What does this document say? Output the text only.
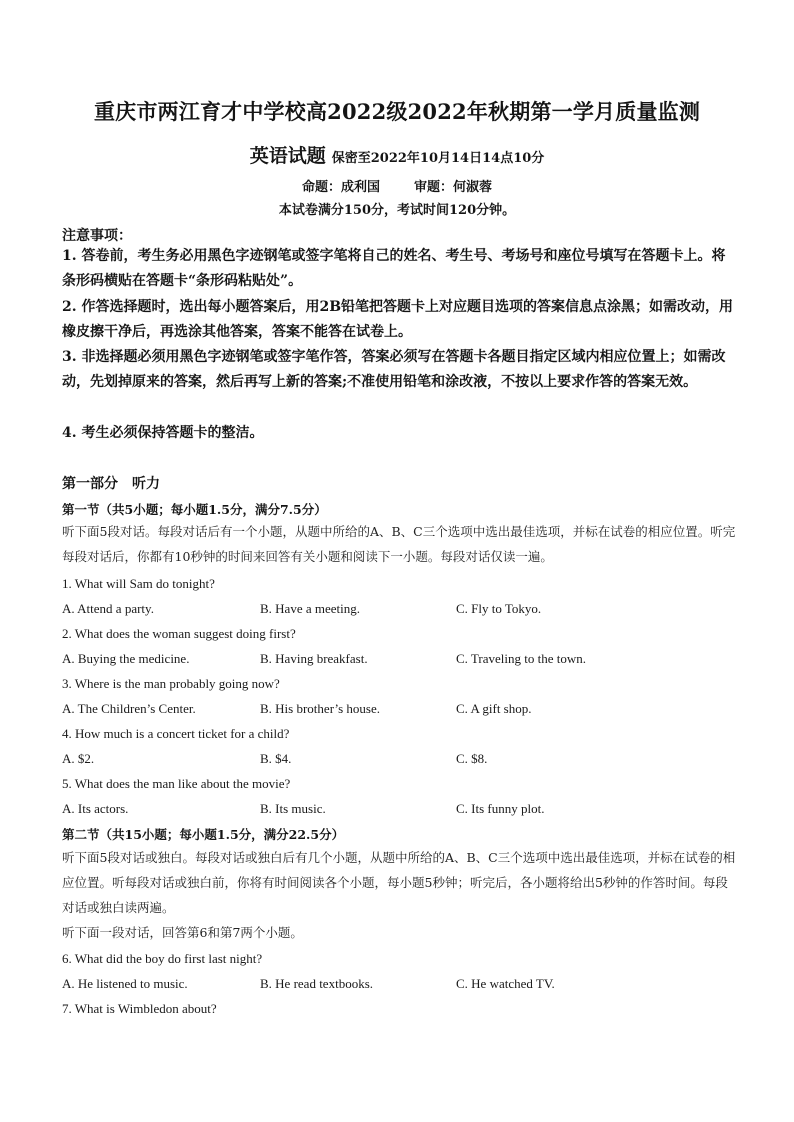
重庆市两江育才中学校高2022级2022年秋期第一学月质量监测
英语试题 保密至2022年10月14日14点10分
命题：成利国	审题：何淑蓉
本试卷满分150分，考试时间120分钟。
注意事项：
1. 答卷前，考生务必用黑色字迹钢笔或签字笔将自己的姓名、考生号、考场号和座位号填写在答题卡上。将条形码横贴在答题卡“条形码粘贴处”。
2. 作答选择题时，选出每小题答案后，用2B铅笔把答题卡上对应题目选项的答案信息点涂黑；如需改动，用橡皮擦干净后，再选涂其他答案，答案不能答在试卷上。
3. 非选择题必须用黑色字迹钢笔或签字笔作答，答案必须写在答题卡各题目指定区域内相应位置上；如需改动，先划掉原来的答案，然后再写上新的答案;不准使用铅笔和涂改液，不按以上要求作答的答案无效。
4. 考生必须保持答题卡的整洁。
第一部分　听力
第一节（共5小题；每小题1.5分，满分7.5分）
听下面5段对话。每段对话后有一个小题，从题中所给的A、B、C三个选项中选出最佳选项，并标在试卷的相应位置。听完每段对话后，你都有10秒钟的时间来回答有关小题和阅读下一小题。每段对话仅读一遍。
1. What will Sam do tonight?
A. Attend a party.	B. Have a meeting.	C. Fly to Tokyo.
2. What does the woman suggest doing first?
A. Buying the medicine.	B. Having breakfast.	C. Traveling to the town.
3. Where is the man probably going now?
A. The Children’s Center.	B. His brother’s house.	C. A gift shop.
4. How much is a concert ticket for a child?
A. $2.	B. $4.	C. $8.
5. What does the man like about the movie?
A. Its actors.	B. Its music.	C. Its funny plot.
第二节（共15小题；每小题1.5分，满分22.5分）
听下面5段对话或独白。每段对话或独白后有几个小题，从题中所给的A、B、C三个选项中选出最佳选项，并标在试卷的相应位置。听每段对话或独白前，你将有时间阅读各个小题，每小题5秒钟；听完后，各小题将给出5秒钟的作答时间。每段对话或独白读两遍。
听下面一段对话，回答第6和第7两个小题。
6. What did the boy do first last night?
A. He listened to music.	B. He read textbooks.	C. He watched TV.
7. What is Wimbledon about?
